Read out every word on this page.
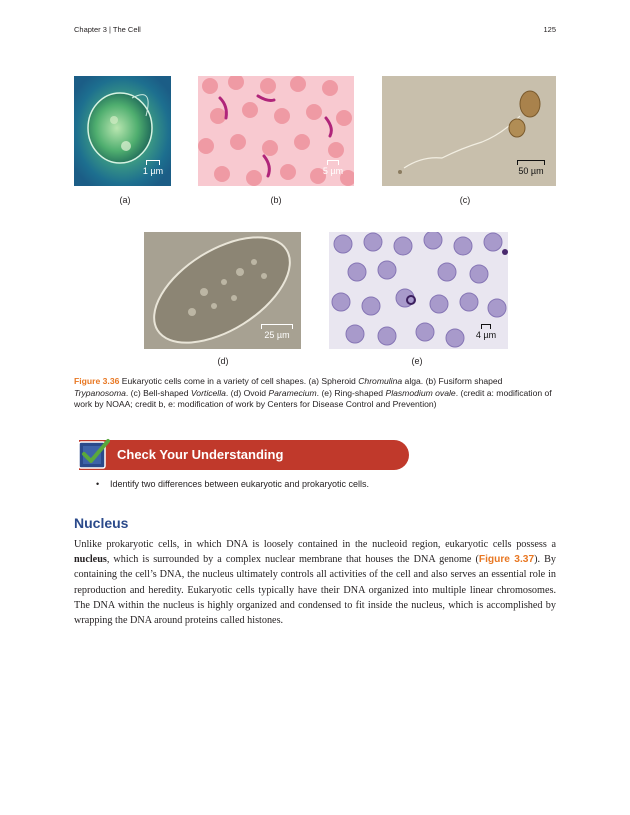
Chapter 3 | The Cell	125
1 µm
(a)
5 µm
(b)
50 µm
(c)
25 µm
(d)
4 µm
(e)
Figure 3.36 Eukaryotic cells come in a variety of cell shapes. (a) Spheroid Chromulina alga. (b) Fusiform shaped Trypanosoma. (c) Bell-shaped Vorticella. (d) Ovoid Paramecium. (e) Ring-shaped Plasmodium ovale. (credit a: modification of work by NOAA; credit b, e: modification of work by Centers for Disease Control and Prevention)
Check Your Understanding
• Identify two differences between eukaryotic and prokaryotic cells.
Nucleus
Unlike prokaryotic cells, in which DNA is loosely contained in the nucleoid region, eukaryotic cells possess a nucleus, which is surrounded by a complex nuclear membrane that houses the DNA genome (Figure 3.37). By containing the cell’s DNA, the nucleus ultimately controls all activities of the cell and also serves an essential role in reproduction and heredity. Eukaryotic cells typically have their DNA organized into multiple linear chromosomes. The DNA within the nucleus is highly organized and condensed to fit inside the nucleus, which is accomplished by wrapping the DNA around proteins called histones.
